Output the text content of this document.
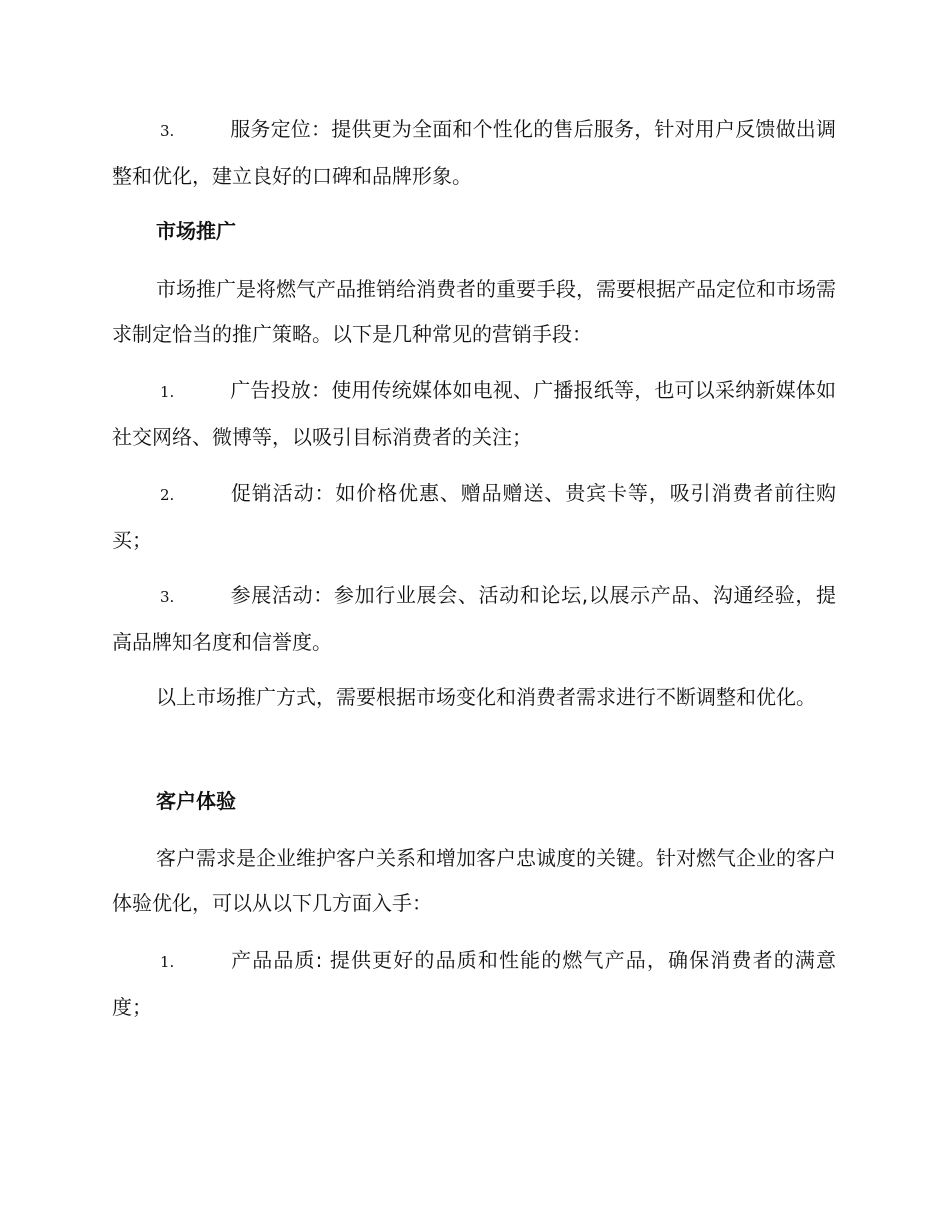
3.	服务定位：提供更为全面和个性化的售后服务，针对用户反馈做出调整和优化，建立良好的口碑和品牌形象。

市场推广

市场推广是将燃气产品推销给消费者的重要手段，需要根据产品定位和市场需求制定恰当的推广策略。以下是几种常见的营销手段：

1.	广告投放：使用传统媒体如电视、广播报纸等，也可以采纳新媒体如社交网络、微博等，以吸引目标消费者的关注；

2.	促销活动：如价格优惠、赠品赠送、贵宾卡等，吸引消费者前往购买；

3.	参展活动：参加行业展会、活动和论坛,以展示产品、沟通经验，提高品牌知名度和信誉度。

以上市场推广方式，需要根据市场变化和消费者需求进行不断调整和优化。

客户体验

客户需求是企业维护客户关系和增加客户忠诚度的关键。针对燃气企业的客户体验优化，可以从以下几方面入手：

1.	产品品质: 提供更好的品质和性能的燃气产品，确保消费者的满意度；
